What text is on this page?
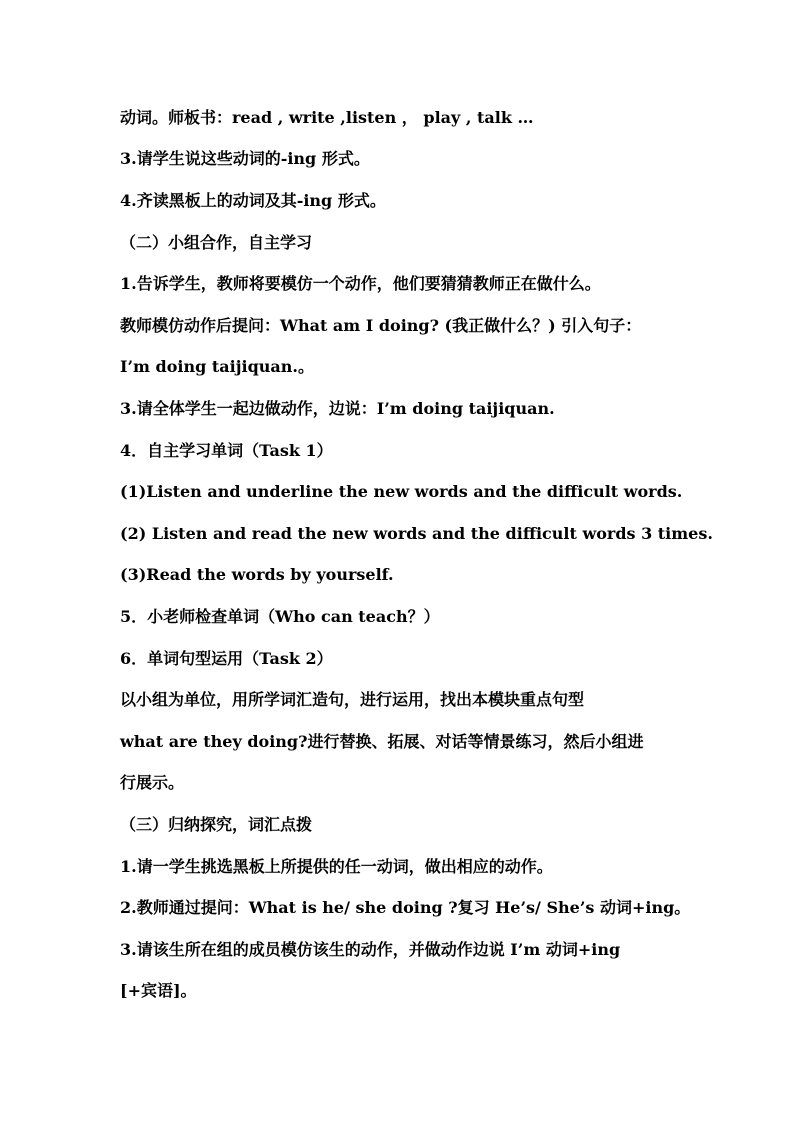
动词。师板书：read , write ,listen ， play , talk …
3.请学生说这些动词的-ing 形式。
4.齐读黑板上的动词及其-ing 形式。
（二）小组合作，自主学习
1.告诉学生，教师将要模仿一个动作，他们要猜猜教师正在做什么。
教师模仿动作后提问：What am I doing? (我正做什么？) 引入句子：
I’m doing taijiquan.。
3.请全体学生一起边做动作，边说：I’m doing taijiquan.
4．自主学习单词（Task 1）
(1)Listen and underline the new words and the difficult words.
(2) Listen and read the new words and the difficult words 3 times.
(3)Read the words by yourself.
5．小老师检查单词（Who can teach？）
6．单词句型运用（Task 2）
以小组为单位，用所学词汇造句，进行运用，找出本模块重点句型
what are they doing?进行替换、拓展、对话等情景练习，然后小组进
行展示。
（三）归纳探究，词汇点拨
1.请一学生挑选黑板上所提供的任一动词，做出相应的动作。
2.教师通过提问：What is he/ she doing ?复习 He’s/ She’s 动词+ing。
3.请该生所在组的成员模仿该生的动作，并做动作边说 I’m 动词+ing
[+宾语]。
